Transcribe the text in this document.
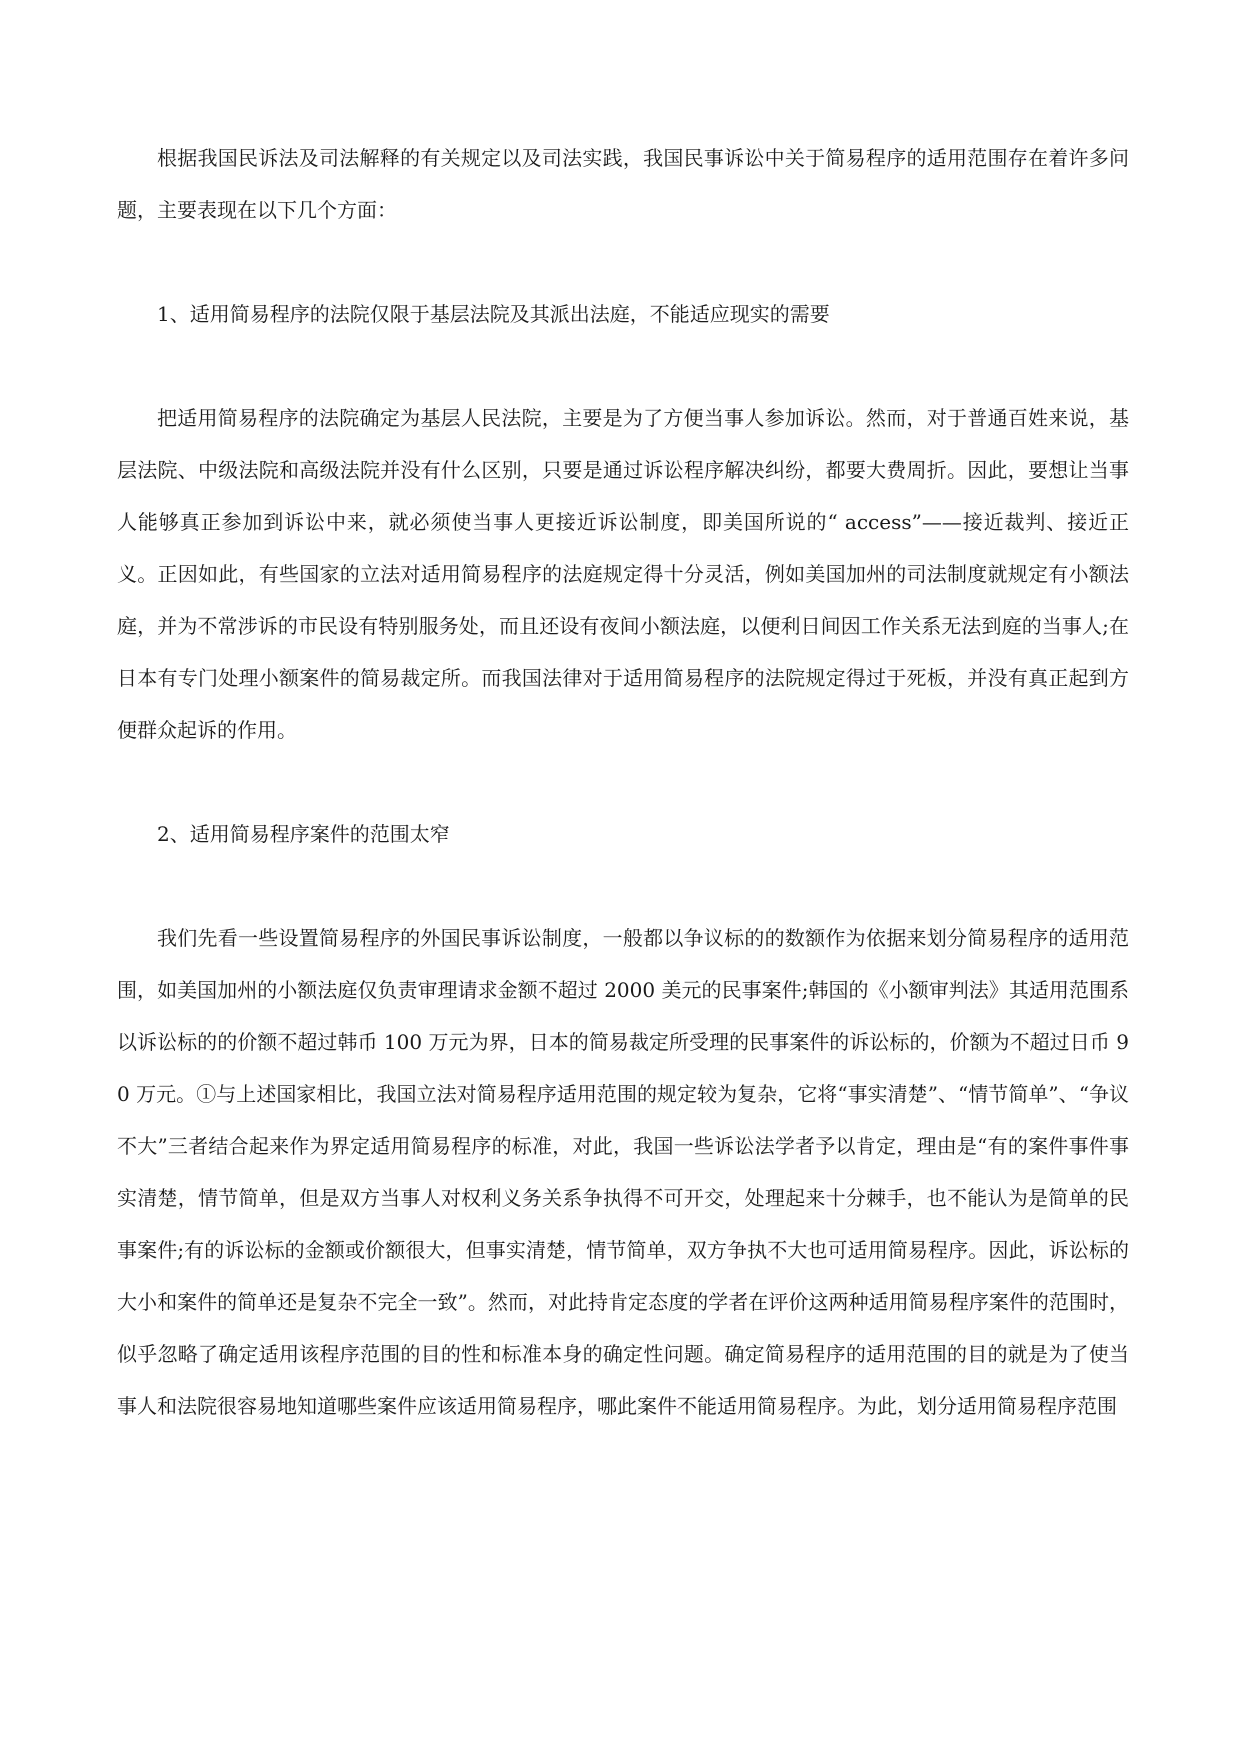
根据我国民诉法及司法解释的有关规定以及司法实践，我国民事诉讼中关于简易程序的适用范围存在着许多问题，主要表现在以下几个方面：

1、适用简易程序的法院仅限于基层法院及其派出法庭，不能适应现实的需要

把适用简易程序的法院确定为基层人民法院，主要是为了方便当事人参加诉讼。然而，对于普通百姓来说，基层法院、中级法院和高级法院并没有什么区别，只要是通过诉讼程序解决纠纷，都要大费周折。因此，要想让当事人能够真正参加到诉讼中来，就必须使当事人更接近诉讼制度，即美国所说的“ access”——接近裁判、接近正义。正因如此，有些国家的立法对适用简易程序的法庭规定得十分灵活，例如美国加州的司法制度就规定有小额法庭，并为不常涉诉的市民设有特别服务处，而且还设有夜间小额法庭，以便利日间因工作关系无法到庭的当事人;在日本有专门处理小额案件的简易裁定所。而我国法律对于适用简易程序的法院规定得过于死板，并没有真正起到方便群众起诉的作用。

2、适用简易程序案件的范围太窄

我们先看一些设置简易程序的外国民事诉讼制度，一般都以争议标的的数额作为依据来划分简易程序的适用范围，如美国加州的小额法庭仅负责审理请求金额不超过 2000 美元的民事案件;韩国的《小额审判法》其适用范围系以诉讼标的的价额不超过韩币 100 万元为界，日本的简易裁定所受理的民事案件的诉讼标的，价额为不超过日币 90 万元。①与上述国家相比，我国立法对简易程序适用范围的规定较为复杂，它将“事实清楚”、“情节简单”、“争议不大”三者结合起来作为界定适用简易程序的标准，对此，我国一些诉讼法学者予以肯定，理由是“有的案件事件事实清楚，情节简单，但是双方当事人对权利义务关系争执得不可开交，处理起来十分棘手，也不能认为是简单的民事案件;有的诉讼标的金额或价额很大，但事实清楚，情节简单，双方争执不大也可适用简易程序。因此，诉讼标的大小和案件的简单还是复杂不完全一致”。然而，对此持肯定态度的学者在评价这两种适用简易程序案件的范围时，似乎忽略了确定适用该程序范围的目的性和标准本身的确定性问题。确定简易程序的适用范围的目的就是为了使当事人和法院很容易地知道哪些案件应该适用简易程序，哪此案件不能适用简易程序。为此，划分适用简易程序范围
